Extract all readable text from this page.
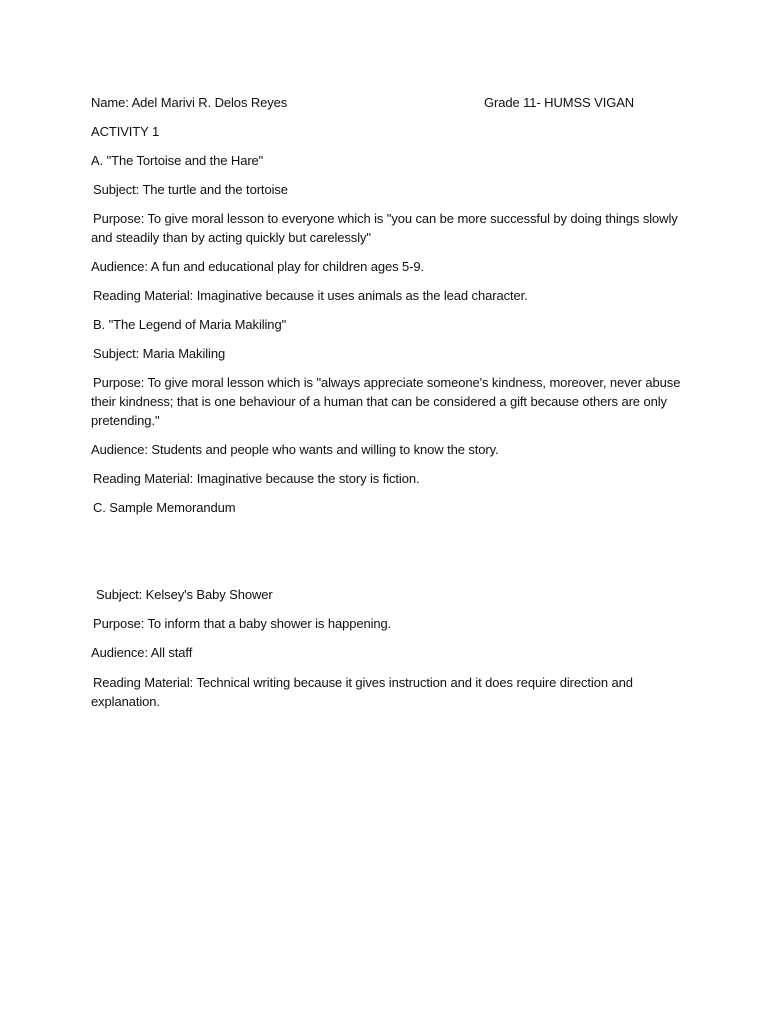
Name: Adel Marivi R. Delos Reyes	Grade 11- HUMSS VIGAN
ACTIVITY 1
A. "The Tortoise and the Hare"
Subject: The turtle and the tortoise
Purpose: To give moral lesson to everyone which is "you can be more successful by doing things slowly
and steadily than by acting quickly but carelessly"
Audience: A fun and educational play for children ages 5-9.
Reading Material: Imaginative because it uses animals as the lead character.
B. "The Legend of Maria Makiling"
Subject: Maria Makiling
Purpose: To give moral lesson which is "always appreciate someone's kindness, moreover, never abuse
their kindness; that is one behaviour of a human that can be considered a gift because others are only
pretending."
Audience: Students and people who wants and willing to know the story.
Reading Material: Imaginative because the story is fiction.
C. Sample Memorandum
Subject: Kelsey's Baby Shower
Purpose: To inform that a baby shower is happening.
Audience: All staff
Reading Material: Technical writing because it gives instruction and it does require direction and
explanation.
